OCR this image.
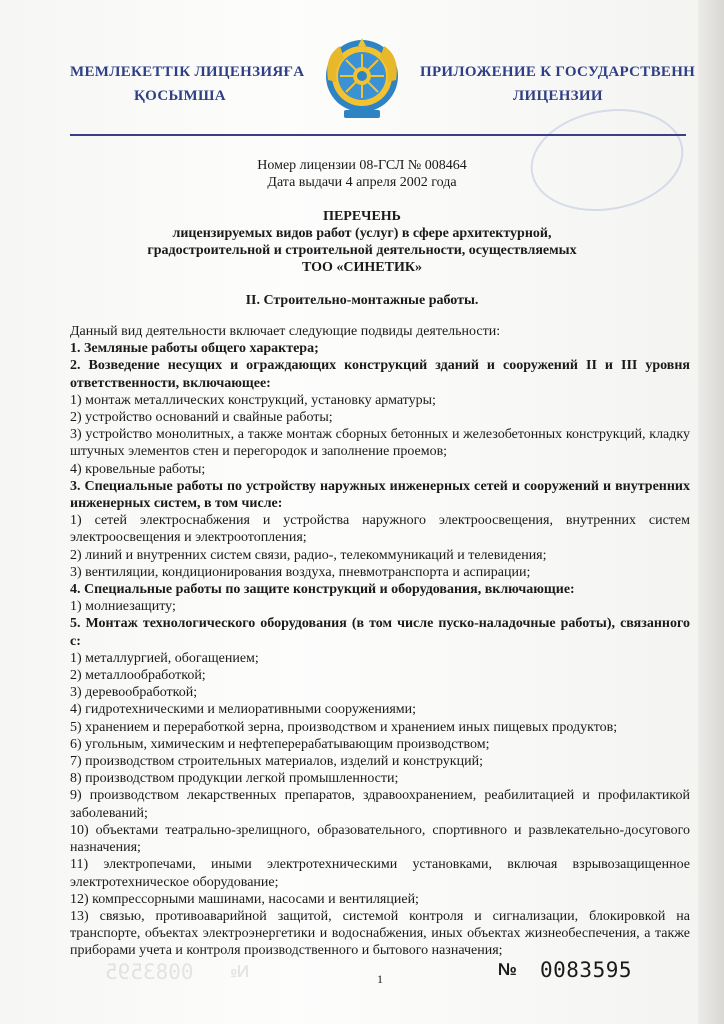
МЕМЛЕКЕТТІК ЛИЦЕНЗИЯҒА
ҚОСЫМША
ПРИЛОЖЕНИЕ К ГОСУДАРСТВЕНН
ЛИЦЕНЗИИ
Номер лицензии 08-ГСЛ № 008464
Дата выдачи 4 апреля 2002 года
ПЕРЕЧЕНЬ
лицензируемых видов работ (услуг) в сфере архитектурной,
градостроительной и строительной деятельности, осуществляемых
ТОО «СИНЕТИК»
II. Строительно-монтажные работы.

Данный вид деятельности включает следующие подвиды деятельности:

1. Земляные работы общего характера;

2. Возведение несущих и ограждающих конструкций зданий и сооружений II и III уровня ответственности, включающее:

1) монтаж металлических конструкций, установку арматуры;

2) устройство оснований и свайные работы;

3) устройство монолитных, а также монтаж сборных бетонных и железобетонных конструкций, кладку штучных элементов стен и перегородок и заполнение проемов;

4) кровельные работы;

3. Специальные работы по устройству наружных инженерных сетей и сооружений и внутренних инженерных систем, в том числе:

1) сетей электроснабжения и устройства наружного электроосвещения, внутренних систем электроосвещения и электроотопления;

2) линий и внутренних систем связи, радио-, телекоммуникаций и телевидения;

3) вентиляции, кондиционирования воздуха, пневмотранспорта и аспирации;

4. Специальные работы по защите конструкций и оборудования, включающие:

1) молниезащиту;

5. Монтаж технологического оборудования (в том числе пуско-наладочные работы), связанного с:

1) металлургией, обогащением;

2) металлообработкой;

3) деревообработкой;

4) гидротехническими и мелиоративными сооружениями;

5) хранением и переработкой зерна, производством и хранением иных пищевых продуктов;

6) угольным, химическим и нефтеперерабатывающим производством;

7) производством строительных материалов, изделий и конструкций;

8) производством продукции легкой промышленности;

9) производством лекарственных препаратов, здравоохранением, реабилитацией и профилактикой заболеваний;

10) объектами театрально-зрелищного, образовательного, спортивного и развлекательно-досугового назначения;

11) электропечами, иными электротехническими установками, включая взрывозащищенное электротехническое оборудование;

12) компрессорными машинами, насосами и вентиляцией;

13) связью, противоаварийной защитой, системой контроля и сигнализации, блокировкой на транспорте, объектах электроэнергетики и водоснабжения, иных объектах жизнеобеспечения, а также приборами учета и контроля производственного и бытового назначения;

0083595 №	1	№ 0083595
